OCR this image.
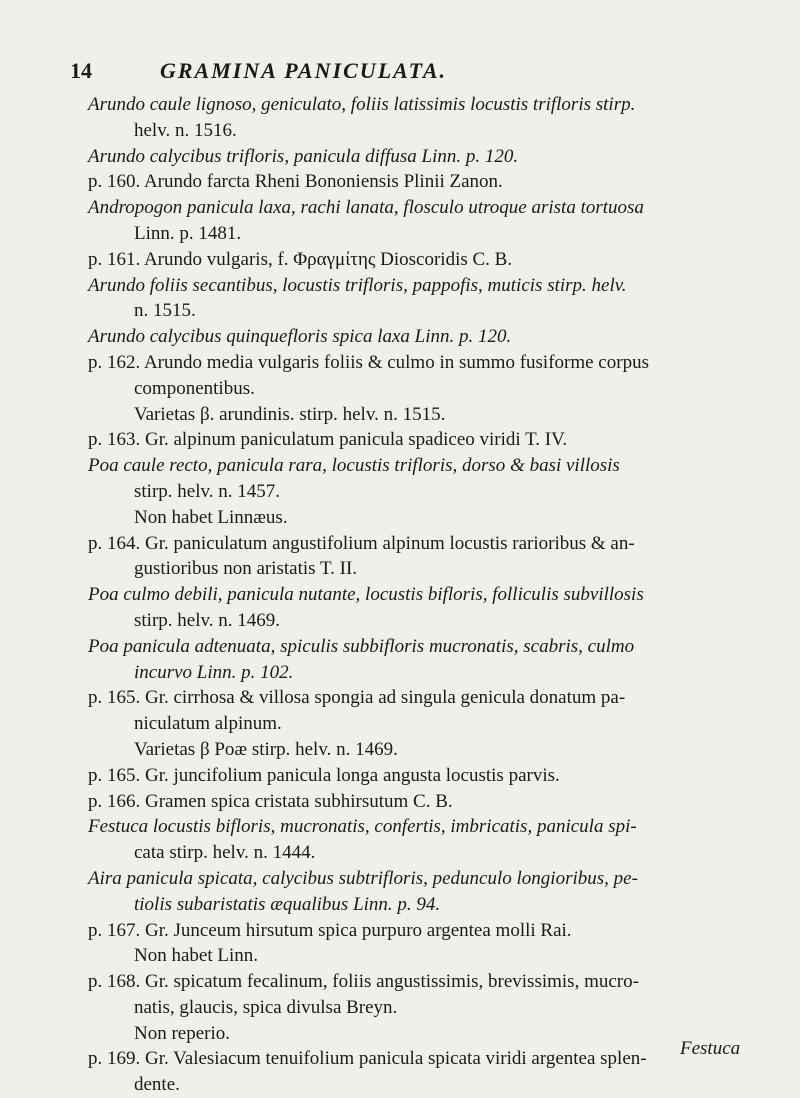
14	GRAMINA PANICULATA.
Arundo caule lignoso, geniculato, foliis latissimis locustis trifloris stirp.
helv. n. 1516.
Arundo calycibus trifloris, panicula diffusa Linn. p. 120.
p. 160. Arundo farcta Rheni Bononiensis Plinii Zanon.
Andropogon panicula laxa, rachi lanata, flosculo utroque arista tortuosa
Linn. p. 1481.
p. 161. Arundo vulgaris, f. Φραγμίτης Dioscoridis C. B.
Arundo foliis secantibus, locustis trifloris, pappofis, muticis stirp. helv.
n. 1515.
Arundo calycibus quinquefloris spica laxa Linn. p. 120.
p. 162. Arundo media vulgaris foliis & culmo in summo fusiforme corpus
componentibus.
Varietas β. arundinis. stirp. helv. n. 1515.
p. 163. Gr. alpinum paniculatum panicula spadiceo viridi T. IV.
Poa caule recto, panicula rara, locustis trifloris, dorso & basi villosis
stirp. helv. n. 1457.
Non habet Linnæus.
p. 164. Gr. paniculatum angustifolium alpinum locustis rarioribus & an-
gustioribus non aristatis T. II.
Poa culmo debili, panicula nutante, locustis bifloris, folliculis subvillosis
stirp. helv. n. 1469.
Poa panicula adtenuata, spiculis subbifloris mucronatis, scabris, culmo
incurvo Linn. p. 102.
p. 165. Gr. cirrhosa & villosa spongia ad singula genicula donatum pa-
niculatum alpinum.
Varietas β Poæ stirp. helv. n. 1469.
p. 165. Gr. juncifolium panicula longa angusta locustis parvis.
p. 166. Gramen spica cristata subhirsutum C. B.
Festuca locustis bifloris, mucronatis, confertis, imbricatis, panicula spi-
cata stirp. helv. n. 1444.
Aira panicula spicata, calycibus subtrifloris, pedunculo longioribus, pe-
tiolis subaristatis æqualibus Linn. p. 94.
p. 167. Gr. Junceum hirsutum spica purpuro argentea molli Rai.
Non habet Linn.
p. 168. Gr. spicatum fecalinum, foliis angustissimis, brevissimis, mucro-
natis, glaucis, spica divulsa Breyn.
Non reperio.
p. 169. Gr. Valesiacum tenuifolium panicula spicata viridi argentea splen-
dente.
Festuca
